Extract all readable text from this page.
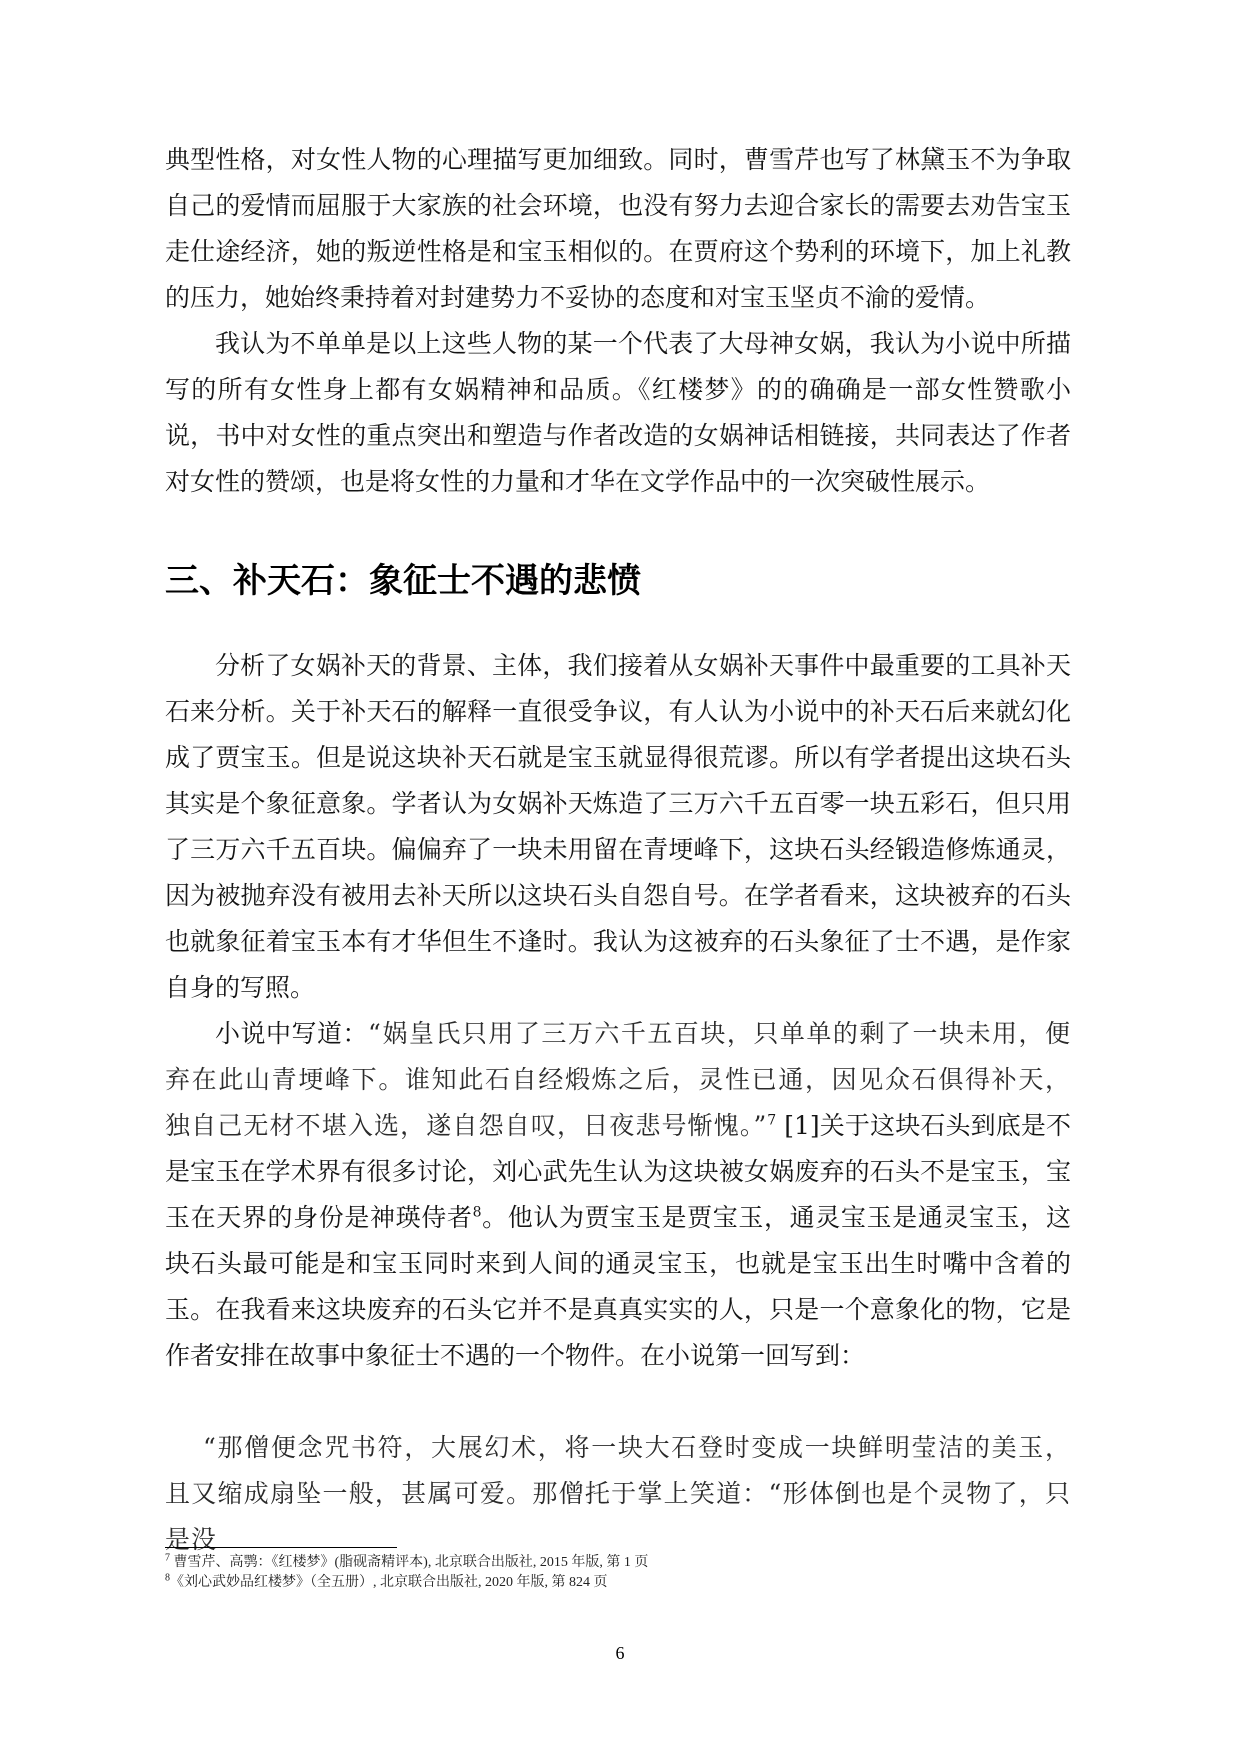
典型性格，对女性人物的心理描写更加细致。同时，曹雪芹也写了林黛玉不为争取自己的爱情而屈服于大家族的社会环境，也没有努力去迎合家长的需要去劝告宝玉走仕途经济，她的叛逆性格是和宝玉相似的。在贾府这个势利的环境下，加上礼教的压力，她始终秉持着对封建势力不妥协的态度和对宝玉坚贞不渝的爱情。

我认为不单单是以上这些人物的某一个代表了大母神女娲，我认为小说中所描写的所有女性身上都有女娲精神和品质。《红楼梦》的的确确是一部女性赞歌小说，书中对女性的重点突出和塑造与作者改造的女娲神话相链接，共同表达了作者对女性的赞颂，也是将女性的力量和才华在文学作品中的一次突破性展示。

三、补天石：象征士不遇的悲愤

分析了女娲补天的背景、主体，我们接着从女娲补天事件中最重要的工具补天石来分析。关于补天石的解释一直很受争议，有人认为小说中的补天石后来就幻化成了贾宝玉。但是说这块补天石就是宝玉就显得很荒谬。所以有学者提出这块石头其实是个象征意象。学者认为女娲补天炼造了三万六千五百零一块五彩石，但只用了三万六千五百块。偏偏弃了一块未用留在青埂峰下，这块石头经锻造修炼通灵，因为被抛弃没有被用去补天所以这块石头自怨自号。在学者看来，这块被弃的石头也就象征着宝玉本有才华但生不逢时。我认为这被弃的石头象征了士不遇，是作家自身的写照。

小说中写道：“娲皇氏只用了三万六千五百块，只单单的剩了一块未用，便弃在此山青埂峰下。谁知此石自经煅炼之后，灵性已通，因见众石俱得补天，独自己无材不堪入选，遂自怨自叹，日夜悲号惭愧。”$^7$ [1]关于这块石头到底是不是宝玉在学术界有很多讨论，刘心武先生认为这块被女娲废弃的石头不是宝玉，宝玉在天界的身份是神瑛侍者$^8$。他认为贾宝玉是贾宝玉，通灵宝玉是通灵宝玉，这块石头最可能是和宝玉同时来到人间的通灵宝玉，也就是宝玉出生时嘴中含着的玉。在我看来这块废弃的石头它并不是真真实实的人，只是一个意象化的物，它是作者安排在故事中象征士不遇的一个物件。在小说第一回写到：

“那僧便念咒书符，大展幻术，将一块大石登时变成一块鲜明莹洁的美玉，且又缩成扇坠一般，甚属可爱。那僧托于掌上笑道：“形体倒也是个灵物了，只是没

$^7$ 曹雪芹、高鹗：《红楼梦》(脂砚斋精评本), 北京联合出版社, 2015 年版, 第 1 页

$^8$《刘心武妙品红楼梦》（全五册）, 北京联合出版社, 2020 年版, 第 824 页

6
